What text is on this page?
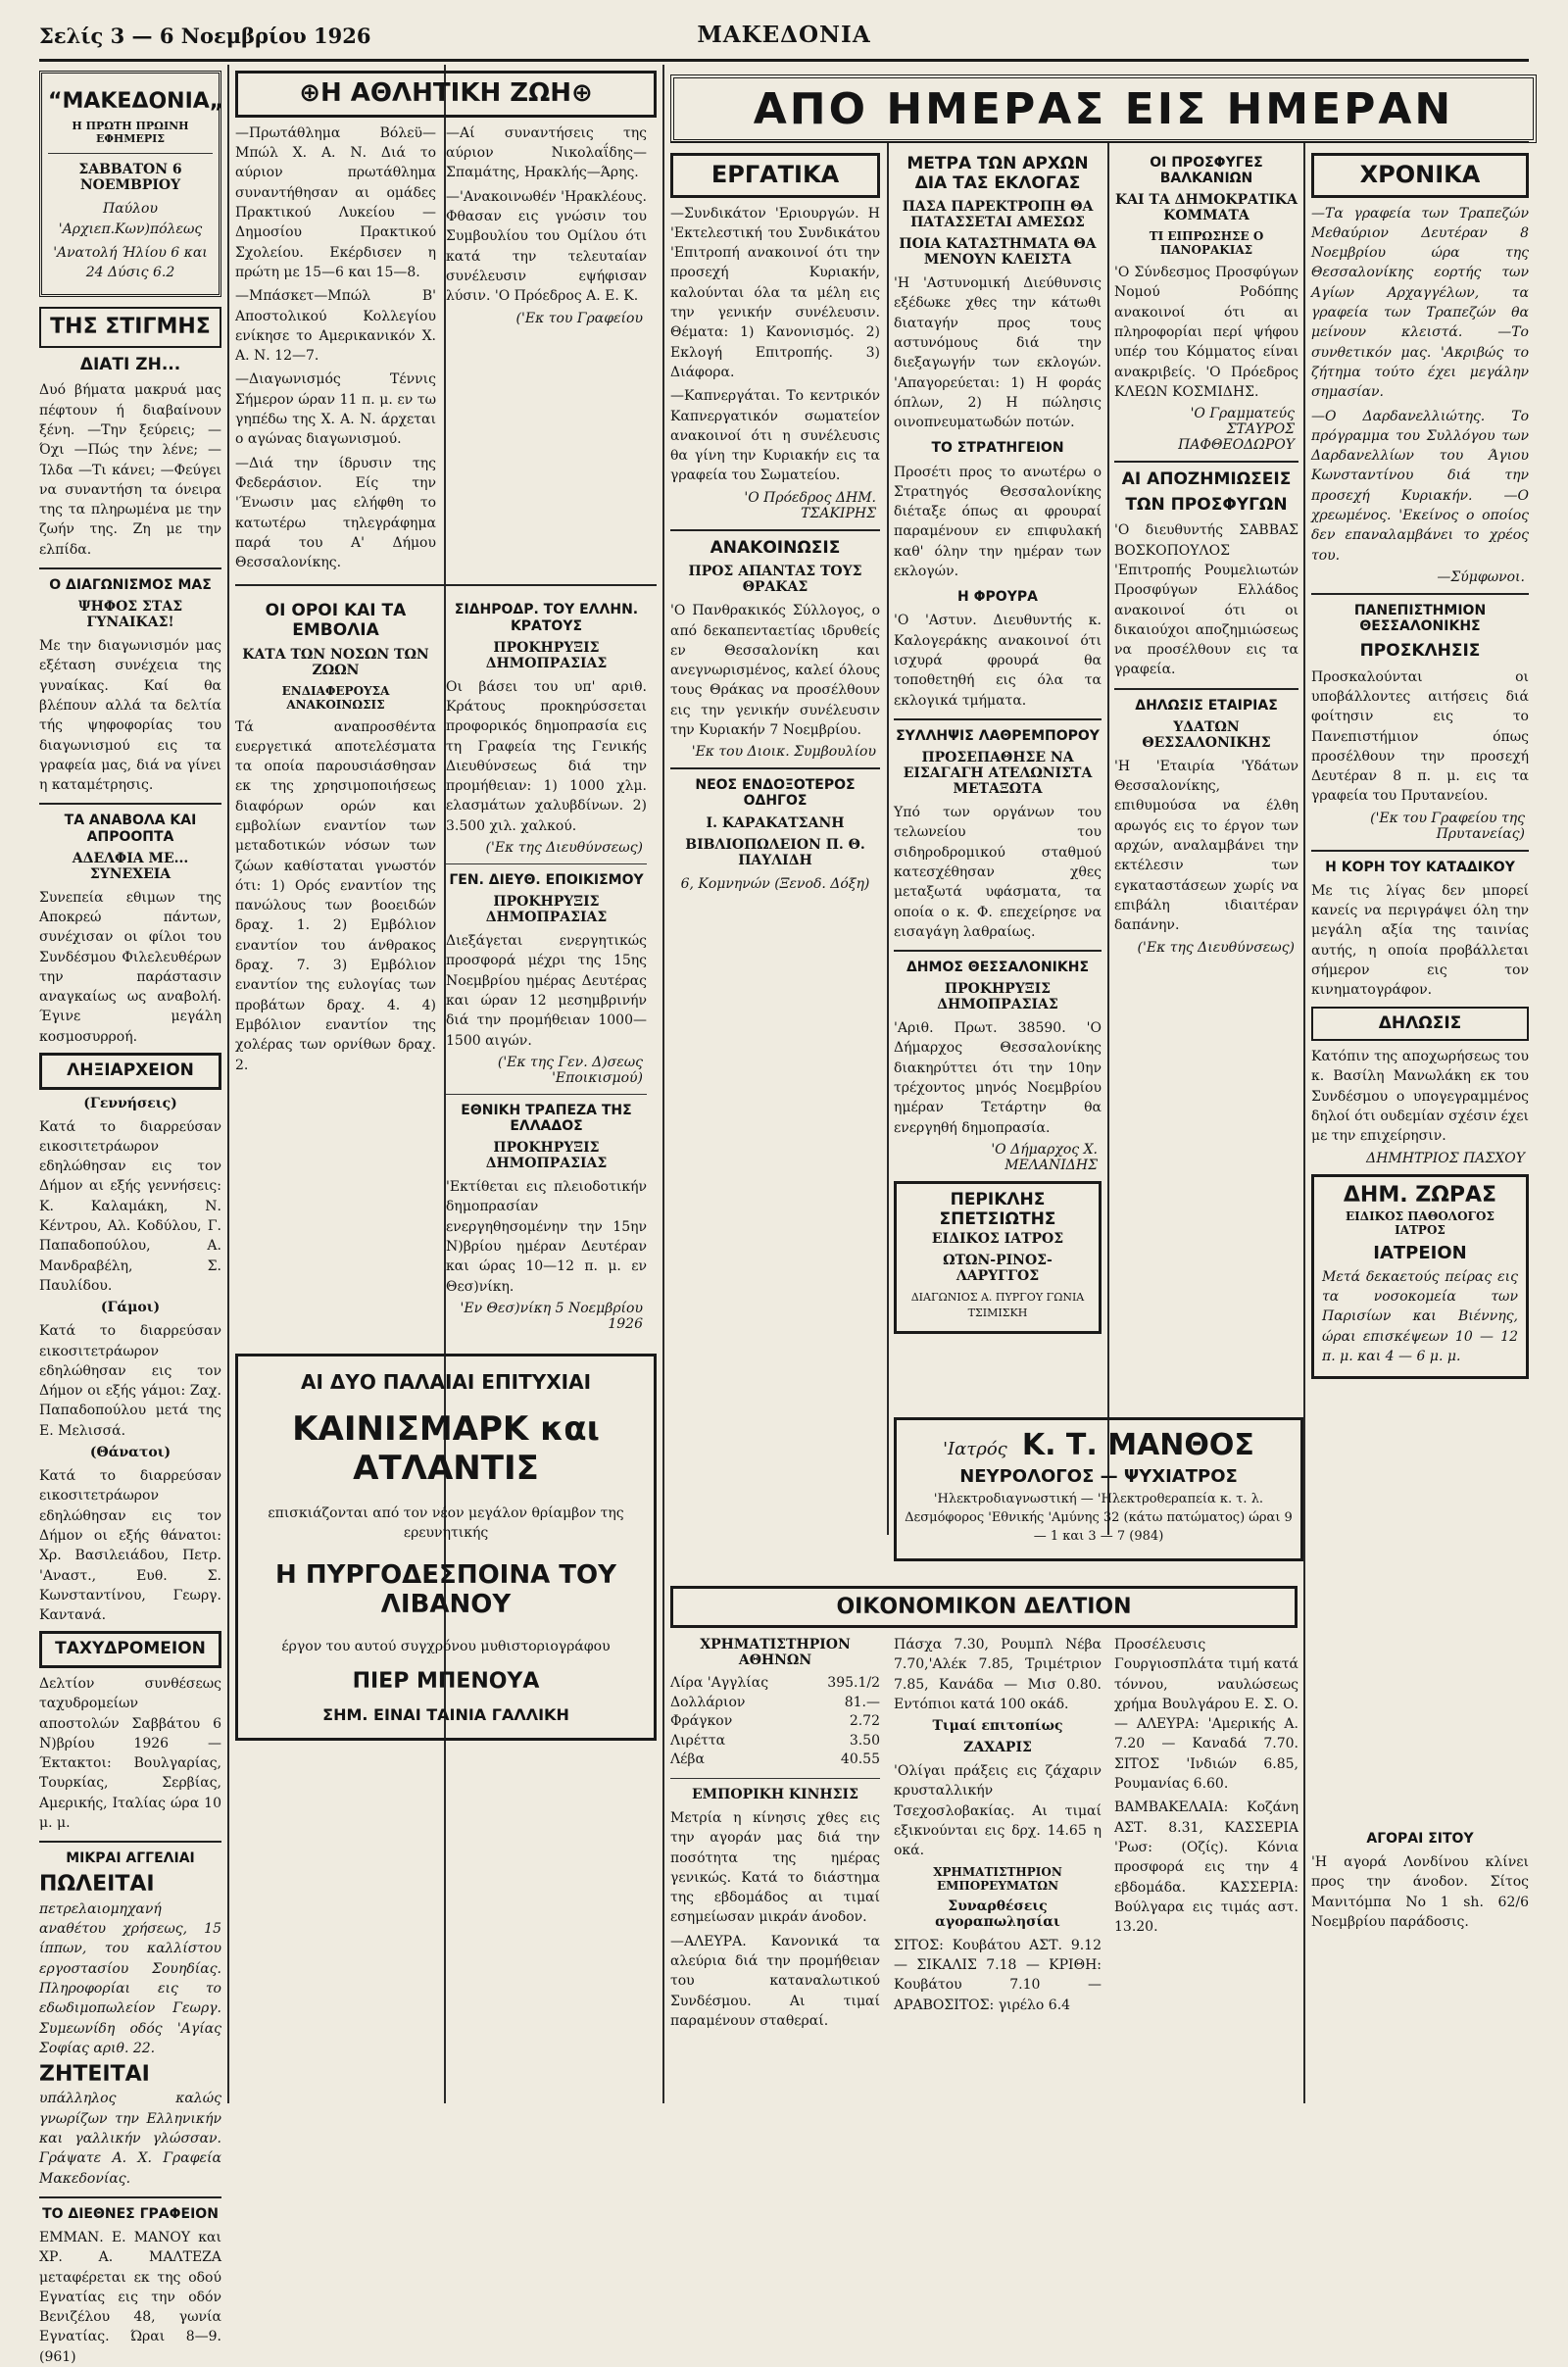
Σελίς 3 — 6 Νοεμβρίου 1926	ΜΑΚΕΔΟΝΙΑ
“ΜΑΚΕΔΟΝΙΑ„
Η ΠΡΩΤΗ ΠΡΩΙΝΗ ΕΦΗΜΕΡΙΣ
ΣΑΒΒΑΤΟΝ 6 ΝΟΕΜΒΡΙΟΥ
Παύλου 'Αρχιεπ.Κων)πόλεως
'Ανατολή Ήλίου 6 και 24 Δύσις 6.2
ΤΗΣ ΣΤΙΓΜΗΣ
ΔΙΑΤΙ ΖΗ...

Δυό βήματα μακρυά μας πέφτουν ή διαβαίνουν ξένη. —Την ξεύρεις; —Όχι —Πώς την λένε; —Ίλδα —Τι κάνει; —Φεύγει να συναντήση τα όνειρα της τα πληρωμένα με την ζωήν της. Ζη με την ελπίδα.

Ο ΔΙΑΓΩΝΙΣΜΟΣ ΜΑΣ
ΨΗΦΟΣ ΣΤΑΣ ΓΥΝΑΙΚΑΣ!

Με την διαγωνισμόν μας εξέταση συνέχεια της γυναίκας. Καί θα βλέπουν αλλά τα δελτία τής ψηφοφορίας του διαγωνισμού εις τα γραφεία μας, διά να γίνει η καταμέτρησις.

ΤΑ ΑΝΑΒΟΛΑ ΚΑΙ ΑΠΡΟΟΠΤΑ
ΑΔΕΛΦΙΑ ΜΕ... ΣΥΝΕΧΕΙΑ

Συνεπεία εθιμων της Αποκρεώ πάντων, συνέχισαν οι φίλοι του Συνδέσμου Φιλελευθέρων την παράστασιν αναγκαίως ως αναβολή. Έγινε μεγάλη κοσμοσυρροή.

ΛΗΞΙΑΡΧΕΙΟΝ
(Γεννήσεις)

Κατά το διαρρεύσαν εικοσιτετράωρον εδηλώθησαν εις τον Δήμον αι εξής γεννήσεις: Κ. Καλαμάκη, Ν. Κέντρου, Αλ. Κοδύλου, Γ. Παπαδοπούλου, Α. Μανδραβέλη, Σ. Παυλίδου.

(Γάμοι)

Κατά το διαρρεύσαν εικοσιτετράωρον εδηλώθησαν εις τον Δήμον οι εξής γάμοι: Ζαχ. Παπαδοπούλου μετά της Ε. Μελισσά.

(Θάνατοι)

Κατά το διαρρεύσαν εικοσιτετράωρον εδηλώθησαν εις τον Δήμον οι εξής θάνατοι: Χρ. Βασιλειάδου, Πετρ. 'Αναστ., Ευθ. Σ. Κωνσταντίνου, Γεωργ. Καντανά.

ΤΑΧΥΔΡΟΜΕΙΟΝ

Δελτίον συνθέσεως ταχυδρομείων αποστολών Σαββάτου 6 Ν)βρίου 1926 — Έκτακτοι: Βουλγαρίας, Τουρκίας, Σερβίας, Αμερικής, Ιταλίας ώρα 10 μ. μ.

ΜΙΚΡΑΙ ΑΓΓΕΛΙΑΙ
ΠΩΛΕΙΤΑΙ

πετρελαιομηχανή αναθέτου χρήσεως, 15 ίππων, του καλλίστου εργοστασίου Σουηδίας. Πληροφορίαι εις το εδωδιμοπωλείον Γεωργ. Συμεωνίδη οδός 'Αγίας Σοφίας αριθ. 22.

ΖΗΤΕΙΤΑΙ

υπάλληλος καλώς γνωρίζων την Ελληνικήν και γαλλικήν γλώσσαν. Γράψατε Α. Χ. Γραφεία Μακεδονίας.

ΤΟ ΔΙΕΘΝΕΣ ΓΡΑΦΕΙΟΝ

ΕΜΜΑΝ. Ε. ΜΑΝΟΥ και ΧΡ. Α. ΜΑΛΤΕΖΑ μεταφέρεται εκ της οδού Εγνατίας εις την οδόν Βενιζέλου 48, γωνία Εγνατίας. Ώραι 8—9. (961)

⊕Η ΑΘΛΗΤΙΚΗ ΖΩΗ⊕

—Πρωτάθλημα Βόλεϋ—Μπώλ Χ. Α. Ν. Διά το αύριον πρωτάθλημα συναντήθησαν αι ομάδες Πρακτικού Λυκείου — Δημοσίου Πρακτικού Σχολείου. Εκέρδισεν η πρώτη με 15—6 και 15—8.

—Μπάσκετ—Μπώλ Β' Αποστολικού Κολλεγίου ενίκησε το Αμερικανικόν Χ. Α. Ν. 12—7.

—Διαγωνισμός Τέννις Σήμερον ώραν 11 π. μ. εν τω γηπέδω της Χ. Α. Ν. άρχεται ο αγώνας διαγωνισμού.

—Διά την ίδρυσιν της Φεδεράσιον. Είς την 'Ένωσιν μας ελήφθη το κατωτέρω τηλεγράφημα παρά του Α' Δήμου Θεσσαλονίκης.

—Αί συναντήσεις της αύριον Νικολαΐδης—Σπαμάτης, Ηρακλής—Άρης.

—'Ανακοινωθέν 'Ηρακλέους. Φθασαν εις γνώσιν του Συμβουλίου του Ομίλου ότι κατά την τελευταίαν συνέλευσιν εψήφισαν λύσιν. 'Ο Πρόεδρος Α. Ε. Κ.

('Εκ του Γραφείου
ΟΙ ΟΡΟΙ ΚΑΙ ΤΑ ΕΜΒΟΛΙΑ
ΚΑΤΑ ΤΩΝ ΝΟΣΩΝ ΤΩΝ ΖΩΩΝ
ΕΝΔΙΑΦΕΡΟΥΣΑ ΑΝΑΚΟΙΝΩΣΙΣ

Τά αναπροσθέντα ευεργετικά αποτελέσματα τα οποία παρουσιάσθησαν εκ της χρησιμοποιήσεως διαφόρων ορών και εμβολίων εναντίον των μεταδοτικών νόσων των ζώων καθίσταται γνωστόν ότι: 1) Ορός εναντίον της πανώλους των βοοειδών δραχ. 1. 2) Εμβόλιον εναντίον του άνθρακος δραχ. 7. 3) Εμβόλιον εναντίον της ευλογίας των προβάτων δραχ. 4. 4) Εμβόλιον εναντίον της χολέρας των ορνίθων δραχ. 2.

ΣΙΔΗΡΟΔΡ. ΤΟΥ ΕΛΛΗΝ. ΚΡΑΤΟΥΣ
ΠΡΟΚΗΡΥΞΙΣ ΔΗΜΟΠΡΑΣΙΑΣ

Οι βάσει του υπ' αριθ. Κράτους προκηρύσσεται προφορικός δημοπρασία εις τη Γραφεία της Γενικής Διευθύνσεως διά την προμήθειαν: 1) 1000 χλμ. ελασμάτων χαλυβδίνων. 2) 3.500 χιλ. χαλκού.

('Εκ της Διευθύνσεως)
ΓΕΝ. ΔΙΕΥΘ. ΕΠΟΙΚΙΣΜΟΥ
ΠΡΟΚΗΡΥΞΙΣ ΔΗΜΟΠΡΑΣΙΑΣ

Διεξάγεται ενεργητικώς προσφορά μέχρι της 15ης Νοεμβρίου ημέρας Δευτέρας και ώραν 12 μεσημβρινήν διά την προμήθειαν 1000—1500 αιγών.

('Εκ της Γεν. Δ)σεως 'Εποικισμού)
ΕΘΝΙΚΗ ΤΡΑΠΕΖΑ ΤΗΣ ΕΛΛΑΔΟΣ
ΠΡΟΚΗΡΥΞΙΣ ΔΗΜΟΠΡΑΣΙΑΣ

'Εκτίθεται εις πλειοδοτικήν δημοπρασίαν ενεργηθησομένην την 15ην Ν)βρίου ημέραν Δευτέραν και ώρας 10—12 π. μ. εν Θεσ)νίκη.

'Εν Θεσ)νίκη 5 Νοεμβρίου 1926
ΑΙ ΔΥΟ ΠΑΛΑΙΑΙ ΕΠΙΤΥΧΙΑΙ
ΚΑΙΝΙΣΜΑΡΚ και ΑΤΛΑΝΤΙΣ
επισκιάζονται από τον νέον μεγάλον θρίαμβον της ερευνητικής
Η ΠΥΡΓΟΔΕΣΠΟΙΝΑ ΤΟΥ ΛΙΒΑΝΟΥ
έργον του αυτού συγχρόνου μυθιστοριογράφου
ΠΙΕΡ ΜΠΕΝΟΥΑ
ΣΗΜ. ΕΙΝΑΙ ΤΑΙΝΙΑ ΓΑΛΛΙΚΗ
ΑΠΟ ΗΜΕΡΑΣ ΕΙΣ ΗΜΕΡΑΝ
ΕΡΓΑΤΙΚΑ

—Συνδικάτον 'Εριουργών. Η 'Εκτελεστική του Συνδικάτου 'Επιτροπή ανακοινοί ότι την προσεχή Κυριακήν, καλούνται όλα τα μέλη εις την γενικήν συνέλευσιν. Θέματα: 1) Κανονισμός. 2) Εκλογή Επιτροπής. 3) Διάφορα.

—Καπνεργάται. Το κεντρικόν Καπνεργατικόν σωματείον ανακοινοί ότι η συνέλευσις θα γίνη την Κυριακήν εις τα γραφεία του Σωματείου.

'Ο Πρόεδρος ΔΗΜ. ΤΣΑΚΙΡΗΣ
ΑΝΑΚΟΙΝΩΣΙΣ
ΠΡΟΣ ΑΠΑΝΤΑΣ ΤΟΥΣ ΘΡΑΚΑΣ

'Ο Πανθρακικός Σύλλογος, ο από δεκαπενταετίας ιδρυθείς εν Θεσσαλονίκη και ανεγνωρισμένος, καλεί όλους τους Θράκας να προσέλθουν εις την γενικήν συνέλευσιν την Κυριακήν 7 Νοεμβρίου.

'Εκ του Διοικ. Συμβουλίου
ΝΕΟΣ ΕΝΔΟΞΟΤΕΡΟΣ ΟΔΗΓΟΣ
Ι. ΚΑΡΑΚΑΤΣΑΝΗ
ΒΙΒΛΙΟΠΩΛΕΙΟΝ Π. Θ. ΠΑΥΛΙΔΗ
6, Κομνηνών (Ξενοδ. Δόξη)
ΜΕΤΡΑ ΤΩΝ ΑΡΧΩΝ ΔΙΑ ΤΑΣ ΕΚΛΟΓΑΣ
ΠΑΣΑ ΠΑΡΕΚΤΡΟΠΗ ΘΑ ΠΑΤΑΣΣΕΤΑΙ ΑΜΕΣΩΣ
ΠΟΙΑ ΚΑΤΑΣΤΗΜΑΤΑ ΘΑ ΜΕΝΟΥΝ ΚΛΕΙΣΤΑ

'Η 'Αστυνομική Διεύθυνσις εξέδωκε χθες την κάτωθι διαταγήν προς τους αστυνόμους διά την διεξαγωγήν των εκλογών. 'Απαγορεύεται: 1) Η φοράς όπλων, 2) Η πώλησις οινοπνευματωδών ποτών.

ΤΟ ΣΤΡΑΤΗΓΕΙΟΝ

Προσέτι προς το ανωτέρω ο Στρατηγός Θεσσαλονίκης διέταξε όπως αι φρουραί παραμένουν εν επιφυλακή καθ' όλην την ημέραν των εκλογών.

Η ΦΡΟΥΡΑ

'Ο 'Αστυν. Διευθυντής κ. Καλογεράκης ανακοινοί ότι ισχυρά φρουρά θα τοποθετηθή εις όλα τα εκλογικά τμήματα.

ΣΥΛΛΗΨΙΣ ΛΑΘΡΕΜΠΟΡΟΥ
ΠΡΟΣΕΠΑΘΗΣΕ ΝΑ ΕΙΣΑΓΑΓΗ ΑΤΕΛΩΝΙΣΤΑ ΜΕΤΑΞΩΤΑ

Υπό των οργάνων του τελωνείου του σιδηροδρομικού σταθμού κατεσχέθησαν χθες μεταξωτά υφάσματα, τα οποία ο κ. Φ. επεχείρησε να εισαγάγη λαθραίως.

ΔΗΜΟΣ ΘΕΣΣΑΛΟΝΙΚΗΣ
ΠΡΟΚΗΡΥΞΙΣ ΔΗΜΟΠΡΑΣΙΑΣ

'Αριθ. Πρωτ. 38590. 'Ο Δήμαρχος Θεσσαλονίκης διακηρύττει ότι την 10ην τρέχοντος μηνός Νοεμβρίου ημέραν Τετάρτην θα ενεργηθή δημοπρασία.

'Ο Δήμαρχος Χ. ΜΕΛΑΝΙΔΗΣ
ΠΕΡΙΚΛΗΣ ΣΠΕΤΣΙΩΤΗΣ
ΕΙΔΙΚΟΣ ΙΑΤΡΟΣ
ΩΤΩΝ-ΡΙΝΟΣ-ΛΑΡΥΓΓΟΣ
ΔΙΑΓΩΝΙΟΣ Α. ΠΥΡΓΟΥ ΓΩΝΙΑ ΤΣΙΜΙΣΚΗ
ΟΙ ΠΡΟΣΦΥΓΕΣ ΒΑΛΚΑΝΙΩΝ
ΚΑΙ ΤΑ ΔΗΜΟΚΡΑΤΙΚΑ ΚΟΜΜΑΤΑ
ΤΙ ΕΙΠΡΩΣΗΣΕ Ο ΠΑΝΟΡΑΚΙΑΣ

'Ο Σύνδεσμος Προσφύγων Νομού Ροδόπης ανακοινοί ότι αι πληροφορίαι περί ψήφου υπέρ του Κόμματος είναι ανακριβείς. 'Ο Πρόεδρος ΚΛΕΩΝ ΚΟΣΜΙΔΗΣ.

'Ο Γραμματεύς ΣΤΑΥΡΟΣ ΠΑΦΘΕΟΔΩΡΟΥ
ΑΙ ΑΠΟΖΗΜΙΩΣΕΙΣ
ΤΩΝ ΠΡΟΣΦΥΓΩΝ

'Ο διευθυντής ΣΑΒΒΑΣ ΒΟΣΚΟΠΟΥΛΟΣ 'Επιτροπής Ρουμελιωτών Προσφύγων Ελλάδος ανακοινοί ότι οι δικαιούχοι αποζημιώσεως να προσέλθουν εις τα γραφεία.

ΔΗΛΩΣΙΣ ΕΤΑΙΡΙΑΣ
ΥΔΑΤΩΝ ΘΕΣΣΑΛΟΝΙΚΗΣ

'Η 'Εταιρία 'Υδάτων Θεσσαλονίκης, επιθυμούσα να έλθη αρωγός εις το έργον των αρχών, αναλαμβάνει την εκτέλεσιν των εγκαταστάσεων χωρίς να επιβάλη ιδιαιτέραν δαπάνην.

('Εκ της Διευθύνσεως)
'Ιατρός Κ. Τ. ΜΑΝΘΟΣ
ΝΕΥΡΟΛΟΓΟΣ — ΨΥΧΙΑΤΡΟΣ
'Ηλεκτροδιαγνωστική — 'Ηλεκτροθεραπεία κ. τ. λ. Δεσμόφορος 'Εθνικής 'Αμύνης 32 (κάτω πατώματος) ώραι 9 — 1 και 3 — 7 (984)
ΧΡΟΝΙΚΑ

—Τα γραφεία των Τραπεζών Μεθαύριον Δευτέραν 8 Νοεμβρίου ώρα της Θεσσαλονίκης εορτής των Αγίων Αρχαγγέλων, τα γραφεία των Τραπεζών θα μείνουν κλειστά. —Το συνθετικόν μας. 'Ακριβώς το ζήτημα τούτο έχει μεγάλην σημασίαν.

—Ο Δαρδανελλιώτης. Το πρόγραμμα του Συλλόγου των Δαρδανελλίων του Άγιου Κωνσταντίνου διά την προσεχή Κυριακήν. —Ο χρεωμένος. 'Εκείνος ο οποίος δεν επαναλαμβάνει το χρέος του.

—Σύμφωνοι.
ΠΑΝΕΠΙΣΤΗΜΙΟΝ ΘΕΣΣΑΛΟΝΙΚΗΣ
ΠΡΟΣΚΛΗΣΙΣ

Προσκαλούνται οι υποβάλλοντες αιτήσεις διά φοίτησιν εις το Πανεπιστήμιον όπως προσέλθουν την προσεχή Δευτέραν 8 π. μ. εις τα γραφεία του Πρυτανείου.

('Εκ του Γραφείου της Πρυτανείας)
Η ΚΟΡΗ ΤΟΥ ΚΑΤΑΔΙΚΟΥ

Με τις λίγας δεν μπορεί κανείς να περιγράψει όλη την μεγάλη αξία της ταινίας αυτής, η οποία προβάλλεται σήμερον εις τον κινηματογράφον.

ΔΗΛΩΣΙΣ

Κατόπιν της αποχωρήσεως του κ. Βασίλη Μανωλάκη εκ του Συνδέσμου ο υπογεγραμμένος δηλοί ότι ουδεμίαν σχέσιν έχει με την επιχείρησιν.

ΔΗΜΗΤΡΙΟΣ ΠΑΣΧΟΥ
ΔΗΜ. ΖΩΡΑΣ
ΕΙΔΙΚΟΣ ΠΑΘΟΛΟΓΟΣ ΙΑΤΡΟΣ
ΙΑΤΡΕΙΟΝ

Μετά δεκαετούς πείρας εις τα νοσοκομεία των Παρισίων και Βιέννης, ώραι επισκέψεων 10 — 12 π. μ. και 4 — 6 μ. μ.

ΟΙΚΟΝΟΜΙΚΟΝ ΔΕΛΤΙΟΝ
ΧΡΗΜΑΤΙΣΤΗΡΙΟΝ ΑΘΗΝΩΝ
Λίρα 'Αγγλίας	395.1/2
Δολλάριον	81.—
Φράγκον	2.72
Λιρέττα	3.50
Λέβα	40.55
ΕΜΠΟΡΙΚΗ ΚΙΝΗΣΙΣ

Μετρία η κίνησις χθες εις την αγοράν μας διά την ποσότητα της ημέρας γενικώς. Κατά το διάστημα της εβδομάδος αι τιμαί εσημείωσαν μικράν άνοδον.

—ΑΛΕΥΡΑ. Κανονικά τα αλεύρια διά την προμήθειαν του καταναλωτικού Συνδέσμου. Αι τιμαί παραμένουν σταθεραί.

Πάσχα 7.30, Ρουμπλ Νέβα 7.70,'Αλέκ 7.85, Τριμέτριον 7.85, Κανάδα — Μισ 0.80. Εντόπιοι κατά 100 οκάδ.

Τιμαί επιτοπίως
ΖΑΧΑΡΙΣ

'Ολίγαι πράξεις εις ζάχαριν κρυσταλλικήν Τσεχοσλοβακίας. Αι τιμαί εξικνούνται εις δρχ. 14.65 η οκά.

ΧΡΗΜΑΤΙΣΤΗΡΙΟΝ ΕΜΠΟΡΕΥΜΑΤΩΝ
Συναρθέσεις αγοραπωλησίαι

ΣΙΤΟΣ: Κουβάτου ΑΣΤ. 9.12 — ΣΙΚΑΛΙΣ 7.18 — ΚΡΙΘΗ: Κουβάτου 7.10 — ΑΡΑΒΟΣΙΤΟΣ: γιρέλο 6.4

Προσέλευσις Γουργιοσπλάτα τιμή κατά τόννου, ναυλώσεως χρήμα Βουλγάρου Ε. Σ. Ο. — ΑΛΕΥΡΑ: 'Αμερικής Α. 7.20 — Καναδά 7.70. ΣΙΤΟΣ 'Ινδιών 6.85, Ρουμανίας 6.60.

ΒΑΜΒΑΚΕΛΑΙΑ: Κοζάνη ΑΣΤ. 8.31, ΚΑΣΣΕΡΙΑ 'Ρωσ: (Οζίς). Κόνια προσφορά εις την 4 εβδομάδα. ΚΑΣΣΕΡΙΑ: Βούλγαρα εις τιμάς αστ. 13.20.

ΑΓΟΡΑΙ ΣΙΤΟΥ

'Η αγορά Λονδίνου κλίνει προς την άνοδον. Σίτος Μανιτόμπα Νο 1 sh. 62/6 Νοεμβρίου παράδοσις.
